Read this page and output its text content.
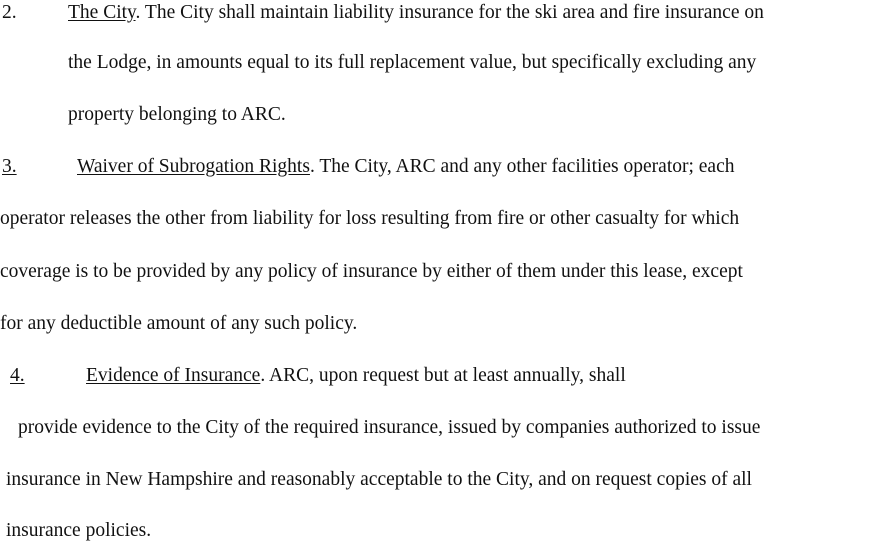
2.	The City. The City shall maintain liability insurance for the ski area and fire insurance on
the Lodge, in amounts equal to its full replacement value, but specifically excluding any
property belonging to ARC.
3.	Waiver of Subrogation Rights. The City, ARC and any other facilities operator; each
operator releases the other from liability for loss resulting from fire or other casualty for which
coverage is to be provided by any policy of insurance by either of them under this lease, except
for any deductible amount of any such policy.
4.	Evidence of Insurance. ARC, upon request but at least annually, shall
provide evidence to the City of the required insurance, issued by companies authorized to issue
insurance in New Hampshire and reasonably acceptable to the City, and on request copies of all
insurance policies.
